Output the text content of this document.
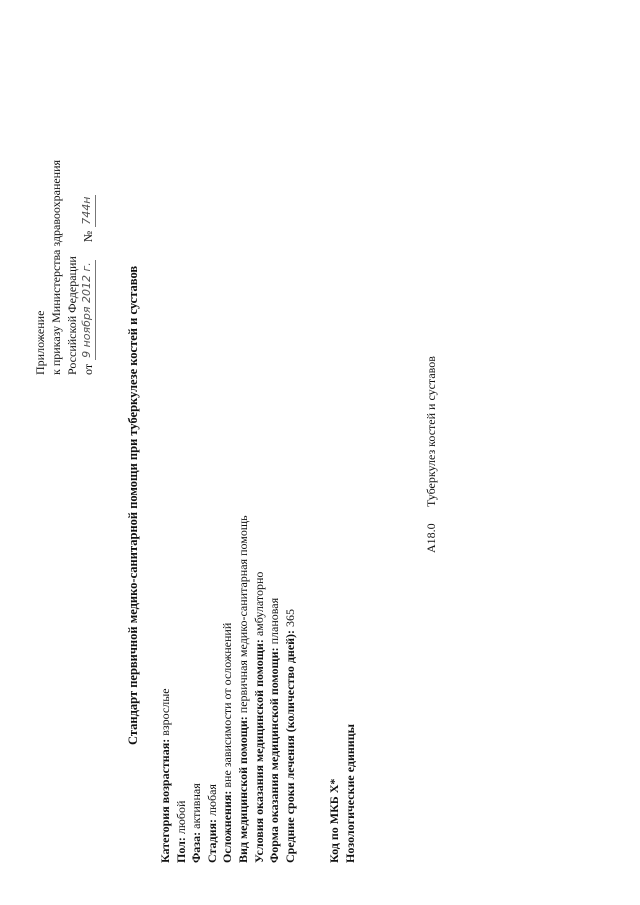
Приложение к приказу Министерства здравоохранения Российской Федерации от
9 ноября 2012 г.
№
744н
Стандарт первичной медико-санитарной помощи при туберкулезе костей и суставов
Категория возрастная: взрослые
Пол: любой
Фаза: активная
Стадия: любая Осложнения: вне зависимости от осложнений Вид медицинской помощи: первичная медико-санитарная помощь
Условия оказания медицинской помощи: амбулаторно
Форма оказания медицинской помощи: плановая
Средние сроки лечения (количество дней): 365
Код по МКБ X* Нозологические единицы
A18.0Туберкулез костей и суставов
